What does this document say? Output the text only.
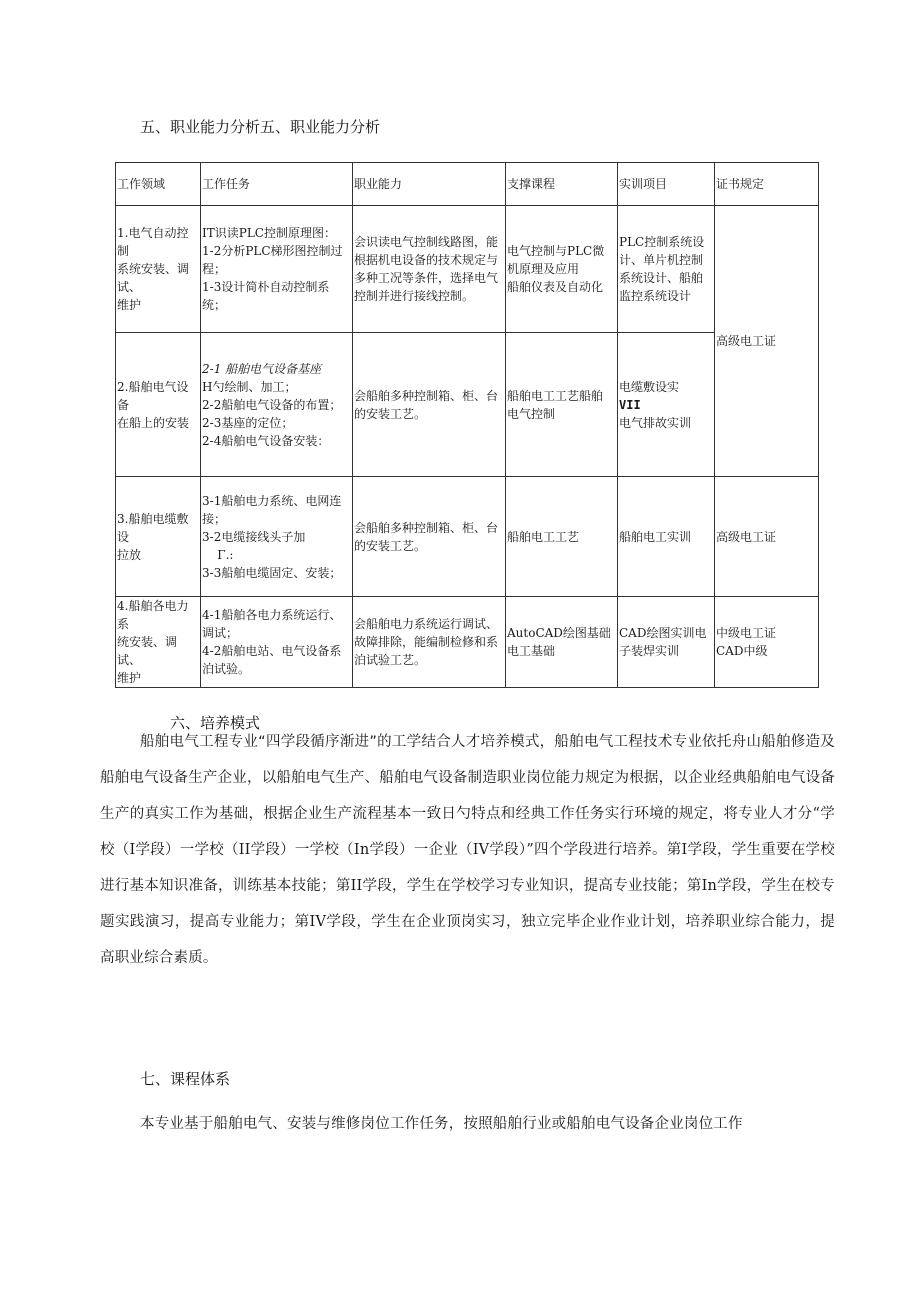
五、职业能力分析五、职业能力分析
工作领域	工作任务	职业能力	支撑课程	实训项目	证书规定

1.电气自动控制
系统安装、调试、
维护	IT识读PLC控制原理图：
1-2分析PLC梯形图控制过
程；
1-3设计简朴自动控制系
统；	会识读电气控制线路图，能
根据机电设备的技术规定与
多种工况等条件，选择电气
控制并进行接线控制。	电气控制与PLC微
机原理及应用
船舶仪表及自动化	PLC控制系统设
计、单片机控制
系统设计、船舶
监控系统设计	高级电工证

2.船舶电气设备
在船上的安装	2-1 船舶电气设备基座
H勺绘制、加工；
2-2船舶电气设备的布置；
2-3基座的定位；
2-4船舶电气设备安装：	会船舶多种控制箱、柜、台
的安装工艺。	船舶电工工艺船舶
电气控制	电缆敷设实
VII
电气排故实训	

3.船舶电缆敷设
拉放	3-1船舶电力系统、电网连
接；
3-2电缆接线头子加
Γ.:
3-3船舶电缆固定、安装；	会船舶多种控制箱、柜、台
的安装工艺。	船舶电工工艺	船舶电工实训	高级电工证

4.船舶各电力系
统安装、调试、
维护	4-1船舶各电力系统运行、
调试；
4-2船舶电站、电气设备系
泊试验。	会船舶电力系统运行调试、
故障排除，能编制检修和系
泊试验工艺。	AutoCAD绘图基础
电工基础	CAD绘图实训电
子装焊实训	中级电工证
CAD中级
六、培养模式

船舶电气工程专业“四学段循序渐进”的工学结合人才培养模式，船舶电气工程技术专业依托舟山船舶修造及船舶电气设备生产企业，以船舶电气生产、船舶电气设备制造职业岗位能力规定为根据，以企业经典船舶电气设备生产的真实工作为基础，根据企业生产流程基本一致日勺特点和经典工作任务实行环境的规定，将专业人才分“学校（I学段）一学校（II学段）一学校（In学段）一企业（IV学段）”四个学段进行培养。第I学段，学生重要在学校进行基本知识准备，训练基本技能；第II学段，学生在学校学习专业知识，提高专业技能；第In学段，学生在校专题实践演习，提高专业能力；第IV学段，学生在企业顶岗实习，独立完毕企业作业计划，培养职业综合能力，提高职业综合素质。

七、课程体系

本专业基于船舶电气、安装与维修岗位工作任务，按照船舶行业或船舶电气设备企业岗位工作
